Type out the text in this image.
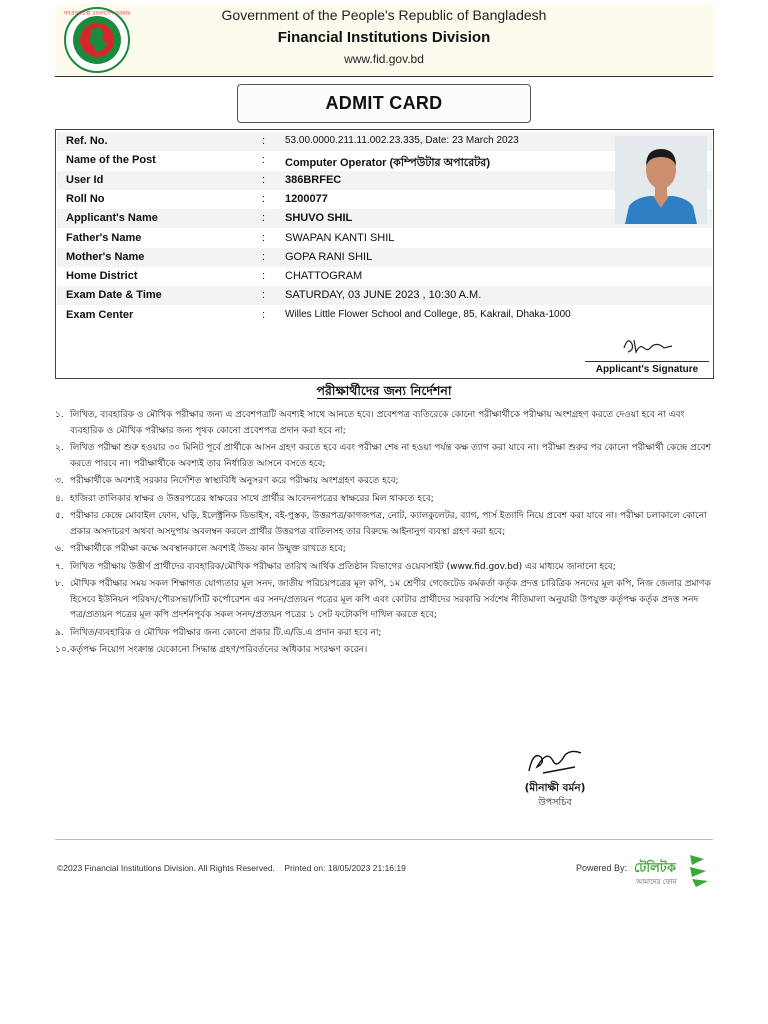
গণপ্রজাতন্ত্রী বাংলাদেশ সরকার	Government of the People's Republic of Bangladesh
Financial Institutions Division
www.fid.gov.bd
ADMIT CARD
Ref. No.	: 53.00.0000.211.11.002.23.335, Date: 23 March 2023
Name of the Post	: Computer Operator (কম্পিউটার অপারেটর)
User Id	: 386BRFEC
Roll No	: 1200077
Applicant's Name	: SHUVO SHIL
Father's Name	: SWAPAN KANTI SHIL
Mother's Name	: GOPA RANI SHIL
Home District	: CHATTOGRAM
Exam Date & Time	: SATURDAY, 03 JUNE 2023 , 10:30 A.M.
Exam Center	: Willes Little Flower School and College, 85, Kakrail, Dhaka-1000
Applicant's Signature
পরীক্ষার্থীদের জন্য নির্দেশনা
১. লিখিত, ব্যবহারিক ও মৌখিক পরীক্ষার জন্য এ প্রবেশপত্রটি অবশ্যই সাথে আনতে হবে। প্রবেশপত্র ব্যতিরেকে কোনো পরীক্ষার্থীকে পরীক্ষায় অংশগ্রহণ করতে দেওয়া হবে না এবং ব্যবহারিক ও মৌখিক পরীক্ষার জন্য পৃথক কোনো প্রবেশপত্র প্রদান করা হবে না;
২. লিখিত পরীক্ষা শুরু হওয়ার ৩০ মিনিট পূর্বে প্রার্থীকে আসন গ্রহণ করতে হবে এবং পরীক্ষা শেষ না হওয়া পর্যন্ত কক্ষ ত্যাগ করা যাবে না। পরীক্ষা শুরুর পর কোনো পরীক্ষার্থী কেন্দ্রে প্রবেশ করতে পারবে না। পরীক্ষার্থীকে অবশ্যই তার নির্ধারিত আসনে বসতে হবে;
৩. পরীক্ষার্থীকে অবশ্যই সরকার নির্দেশিত স্বাস্থ্যবিধি অনুসরণ করে পরীক্ষায় অংশগ্রহণ করতে হবে;
৪. হাজিরা তালিকার স্বাক্ষর ও উত্তরপত্রের স্বাক্ষরের সাথে প্রার্থীর আবেদনপত্রের স্বাক্ষরের মিল থাকতে হবে;
৫. পরীক্ষার কেন্দ্রে মোবাইল ফোন, ঘড়ি, ইলেক্ট্রনিক ডিভাইস, বই-পুস্তক, উত্তরপত্র/কাগজপত্র, নোট, ক্যালকুলেটর, ব্যাগ, পার্স ইত্যাদি নিয়ে প্রবেশ করা যাবে না। পরীক্ষা চলাকালে কোনো প্রকার অসদাচরণ অথবা অসদুপায় অবলম্বন করলে প্রার্থীর উত্তরপত্র বাতিলসহ তার বিরুদ্ধে আইনানুগ ব্যবস্থা গ্রহণ করা হবে;
৬. পরীক্ষার্থীকে পরীক্ষা কক্ষে অবস্থানকালে অবশ্যই উভয় কান উন্মুক্ত রাখতে হবে;
৭. লিখিত পরীক্ষায় উত্তীর্ণ প্রার্থীদের ব্যবহারিক/মৌখিক পরীক্ষার তারিখ আর্থিক প্রতিষ্ঠান বিভাগের ওয়েবসাইট (www.fid.gov.bd) এর মাধ্যমে জানানো হবে;
৮. মৌখিক পরীক্ষার সময় সকল শিক্ষাগত যোগ্যতার মূল সনদ, জাতীয় পরিচয়পত্রের মূল কপি, ১ম শ্রেণীর গেজেটেড কর্মকর্তা কর্তৃক প্রদত্ত চারিত্রিক সনদের মূল কপি, নিজ জেলার প্রমাণক হিসেবে ইউনিয়ন পরিষদ/পৌরসভা/সিটি কর্পোরেশন এর সনদ/প্রত্যয়ন পত্রের মূল কপি এবং কোটার প্রার্থীদের সরকারি সর্বশেষ নীতিমালা অনুযায়ী উপযুক্ত কর্তৃপক্ষ কর্তৃক প্রদত্ত সনদ পত্র/প্রত্যয়ন পত্রের মূল কপি প্রদর্শনপূর্বক সকল সনদ/প্রত্যয়ন পত্রের ১ সেট ফটোকপি দাখিল করতে হবে;
৯. লিখিত/ব্যবহারিক ও মৌখিক পরীক্ষার জন্য কোনো প্রকার টি.এ/ডি.এ প্রদান করা হবে না;
১০. কর্তৃপক্ষ নিয়োগ সংক্রান্ত যেকোনো সিদ্ধান্ত গ্রহণ/পরিবর্তনের অধিকার সংরক্ষণ করেন।
(মীনাক্ষী বর্মন)
উপসচিব
©2023 Financial Institutions Division. All Rights Reserved. Printed on: 18/05/2023 21:16:19	Powered By: টেলিটক
আমাদের ফোন
